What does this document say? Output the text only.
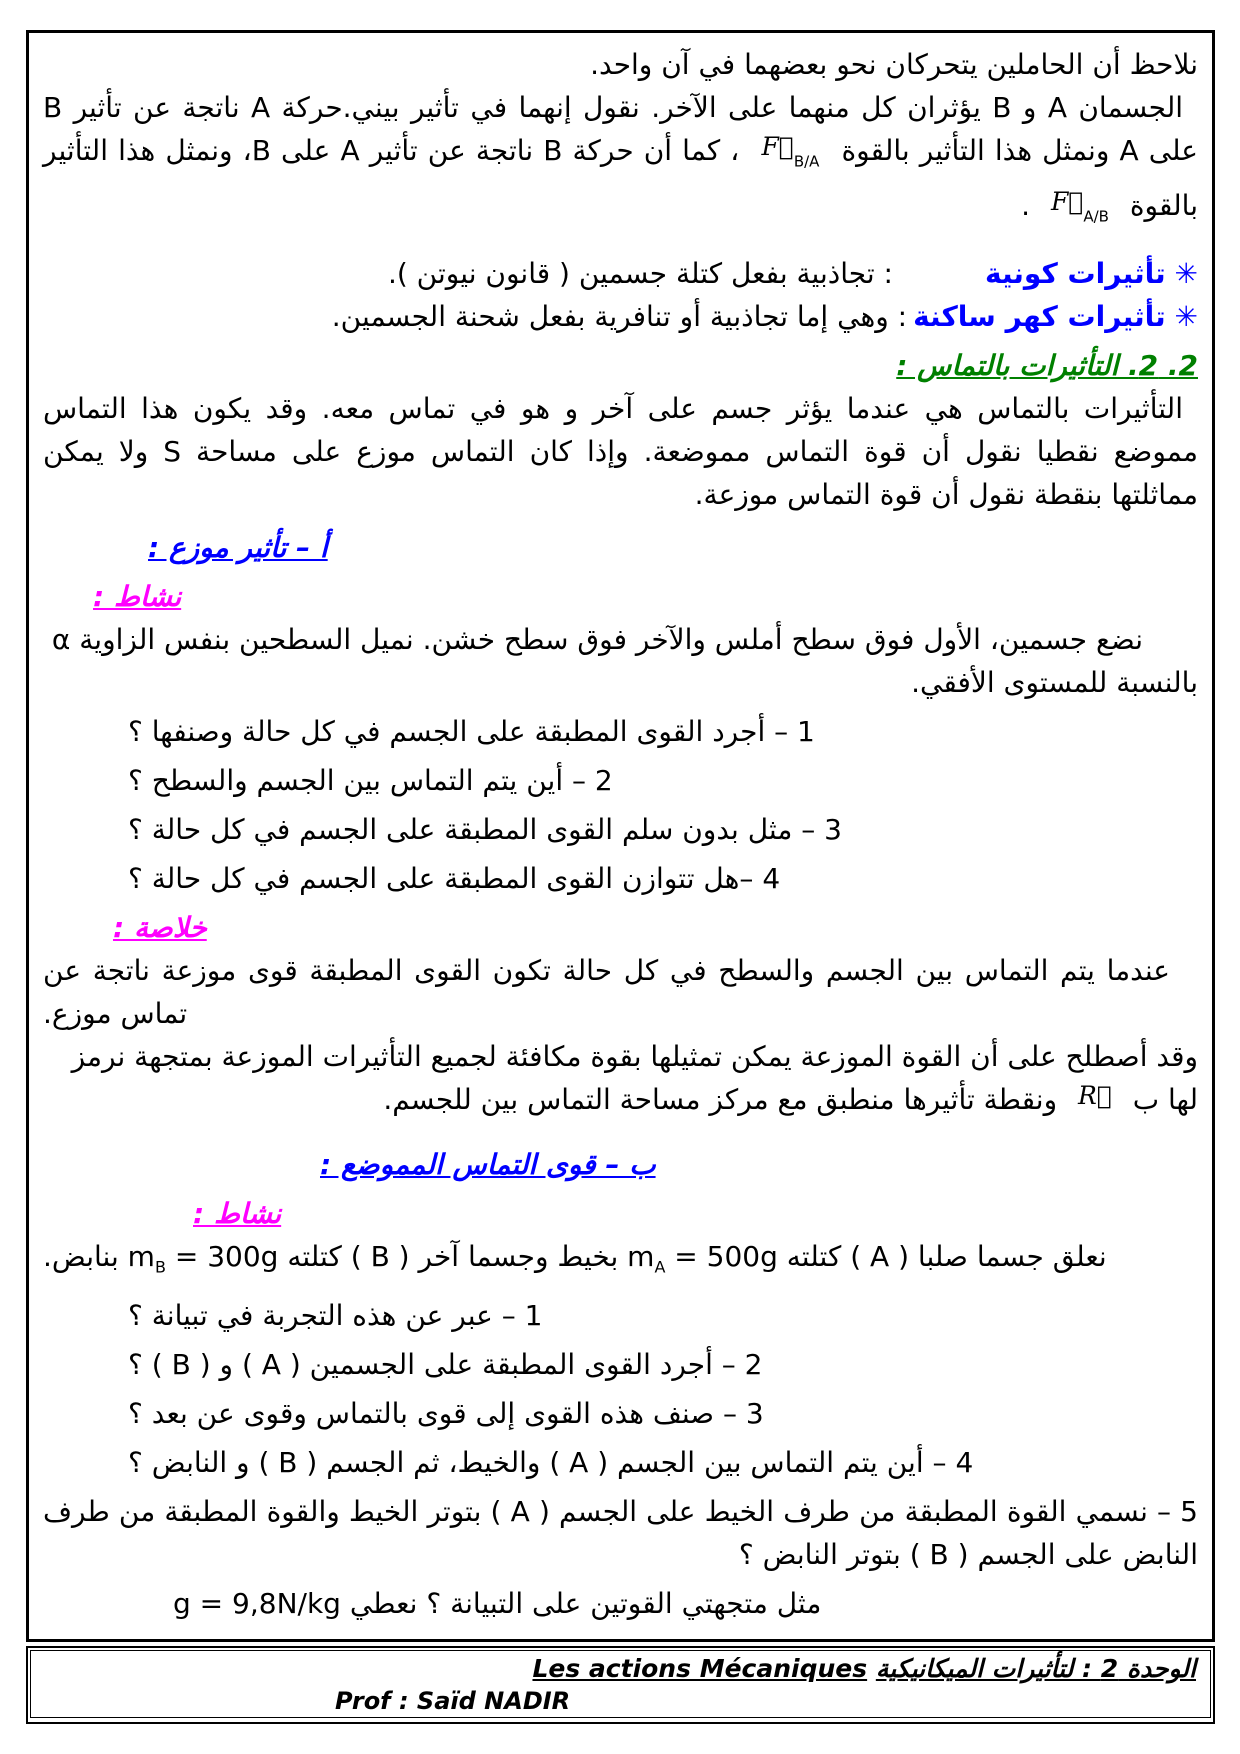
نلاحظ أن الحاملين يتحركان نحو بعضهما في آن واحد.

الجسمان A و B يؤثران كل منهما على الآخر. نقول إنهما في تأثير بيني.حركة A ناتجة عن تأثير B على A ونمثل هذا التأثير بالقوة $F⃗_{B/A}$ ، كما أن حركة B ناتجة عن تأثير A على B، ونمثل هذا التأثير بالقوة $F⃗_{A/B}$ .

✳ تأثيرات كونية: تجاذبية بفعل كتلة جسمين ( قانون نيوتن ).

✳ تأثيرات كهر ساكنة: وهي إما تجاذبية أو تنافرية بفعل شحنة الجسمين.

2. 2. التأثيرات بالتماس :

التأثيرات بالتماس هي عندما يؤثر جسم على آخر و هو في تماس معه. وقد يكون هذا التماس مموضع نقطيا نقول أن قوة التماس مموضعة. وإذا كان التماس موزع على مساحة S ولا يمكن مماثلتها بنقطة نقول أن قوة التماس موزعة.

أ – تأثير موزع :

نشاط :

نضع جسمين، الأول فوق سطح أملس والآخر فوق سطح خشن. نميل السطحين بنفس الزاوية α بالنسبة للمستوى الأفقي.

1 – أجرد القوى المطبقة على الجسم في كل حالة وصنفها ؟

2 – أين يتم التماس بين الجسم والسطح ؟

3 – مثل بدون سلم القوى المطبقة على الجسم في كل حالة ؟

4 –هل تتوازن القوى المطبقة على الجسم في كل حالة ؟

خلاصة :

عندما يتم التماس بين الجسم والسطح في كل حالة تكون القوى المطبقة قوى موزعة ناتجة عن تماس موزع.

وقد أصطلح على أن القوة الموزعة يمكن تمثيلها بقوة مكافئة لجميع التأثيرات الموزعة بمتجهة نرمز لها ب R⃗ ونقطة تأثيرها منطبق مع مركز مساحة التماس بين للجسم.

ب – قوى التماس المموضع :

نشاط :

نعلق جسما صلبا ( A ) كتلته $m_A = 500g$ بخيط وجسما آخر ( B ) كتلته $m_B = 300g$ بنابض.

1 – عبر عن هذه التجربة في تبيانة ؟

2 – أجرد القوى المطبقة على الجسمين ( A ) و ( B ) ؟

3 – صنف هذه القوى إلى قوى بالتماس وقوى عن بعد ؟

4 – أين يتم التماس بين الجسم ( A ) والخيط، ثم الجسم ( B ) و النابض ؟

5 – نسمي القوة المطبقة من طرف الخيط على الجسم ( A ) بتوتر الخيط والقوة المطبقة من طرف النابض على الجسم ( B ) بتوتر النابض ؟

مثل متجهتي القوتين على التبيانة ؟ نعطي g = 9,8N/kg

الوحدة 2 : لتأثيرات الميكانيكية Les actions Mécaniques

Prof : Saïd NADIR
